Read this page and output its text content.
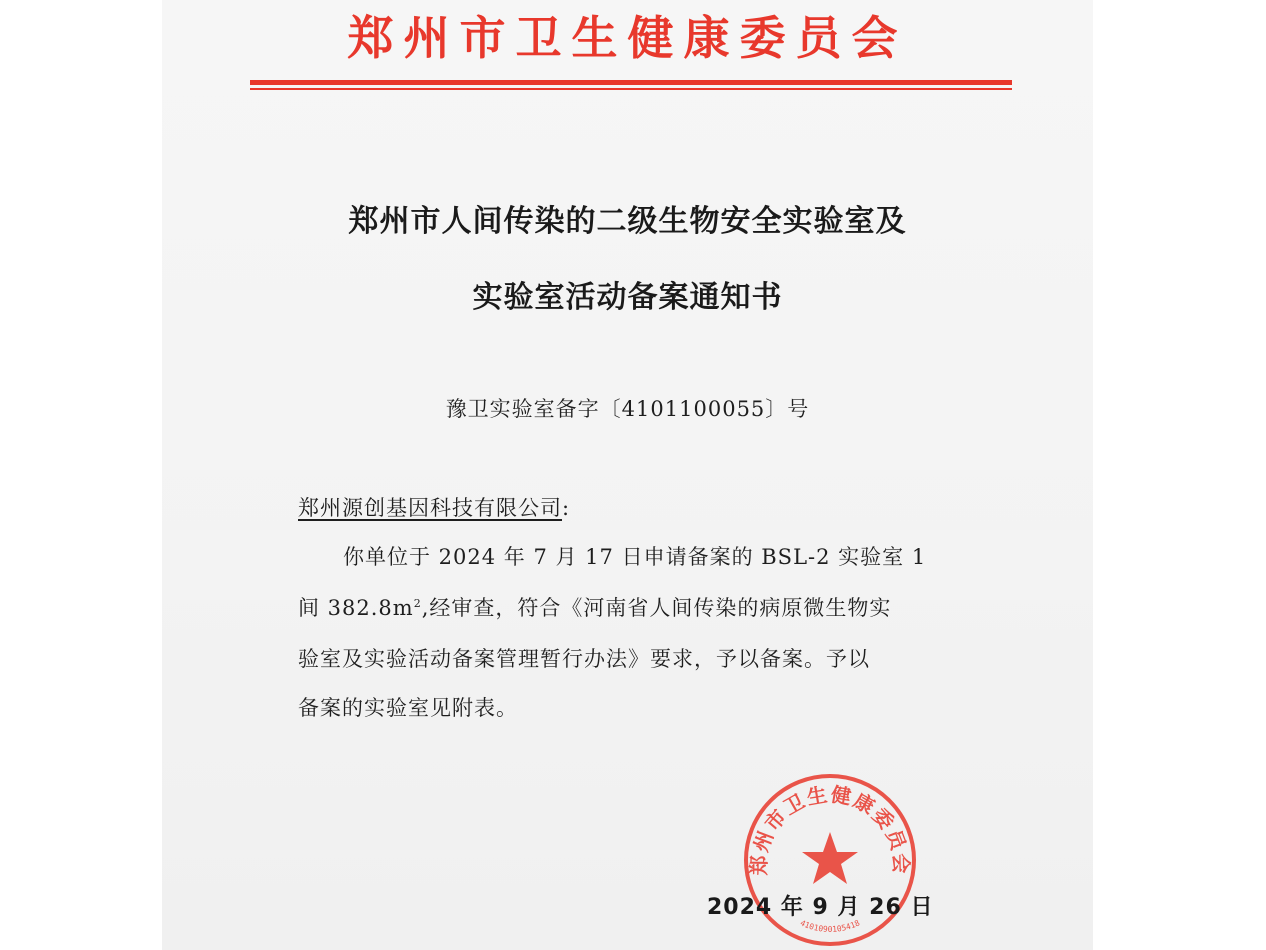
郑州市卫生健康委员会
郑州市人间传染的二级生物安全实验室及
实验室活动备案通知书
豫卫实验室备字〔4101100055〕号
郑州源创基因科技有限公司:
你单位于 2024 年 7 月 17 日申请备案的 BSL-2 实验室 1
间 $382.8m^2$,经审查，符合《河南省人间传染的病原微生物实
验室及实验活动备案管理暂行办法》要求，予以备案。予以
备案的实验室见附表。
郑州市卫生健康委员会
4101090105418
2024 年 9 月 26 日
